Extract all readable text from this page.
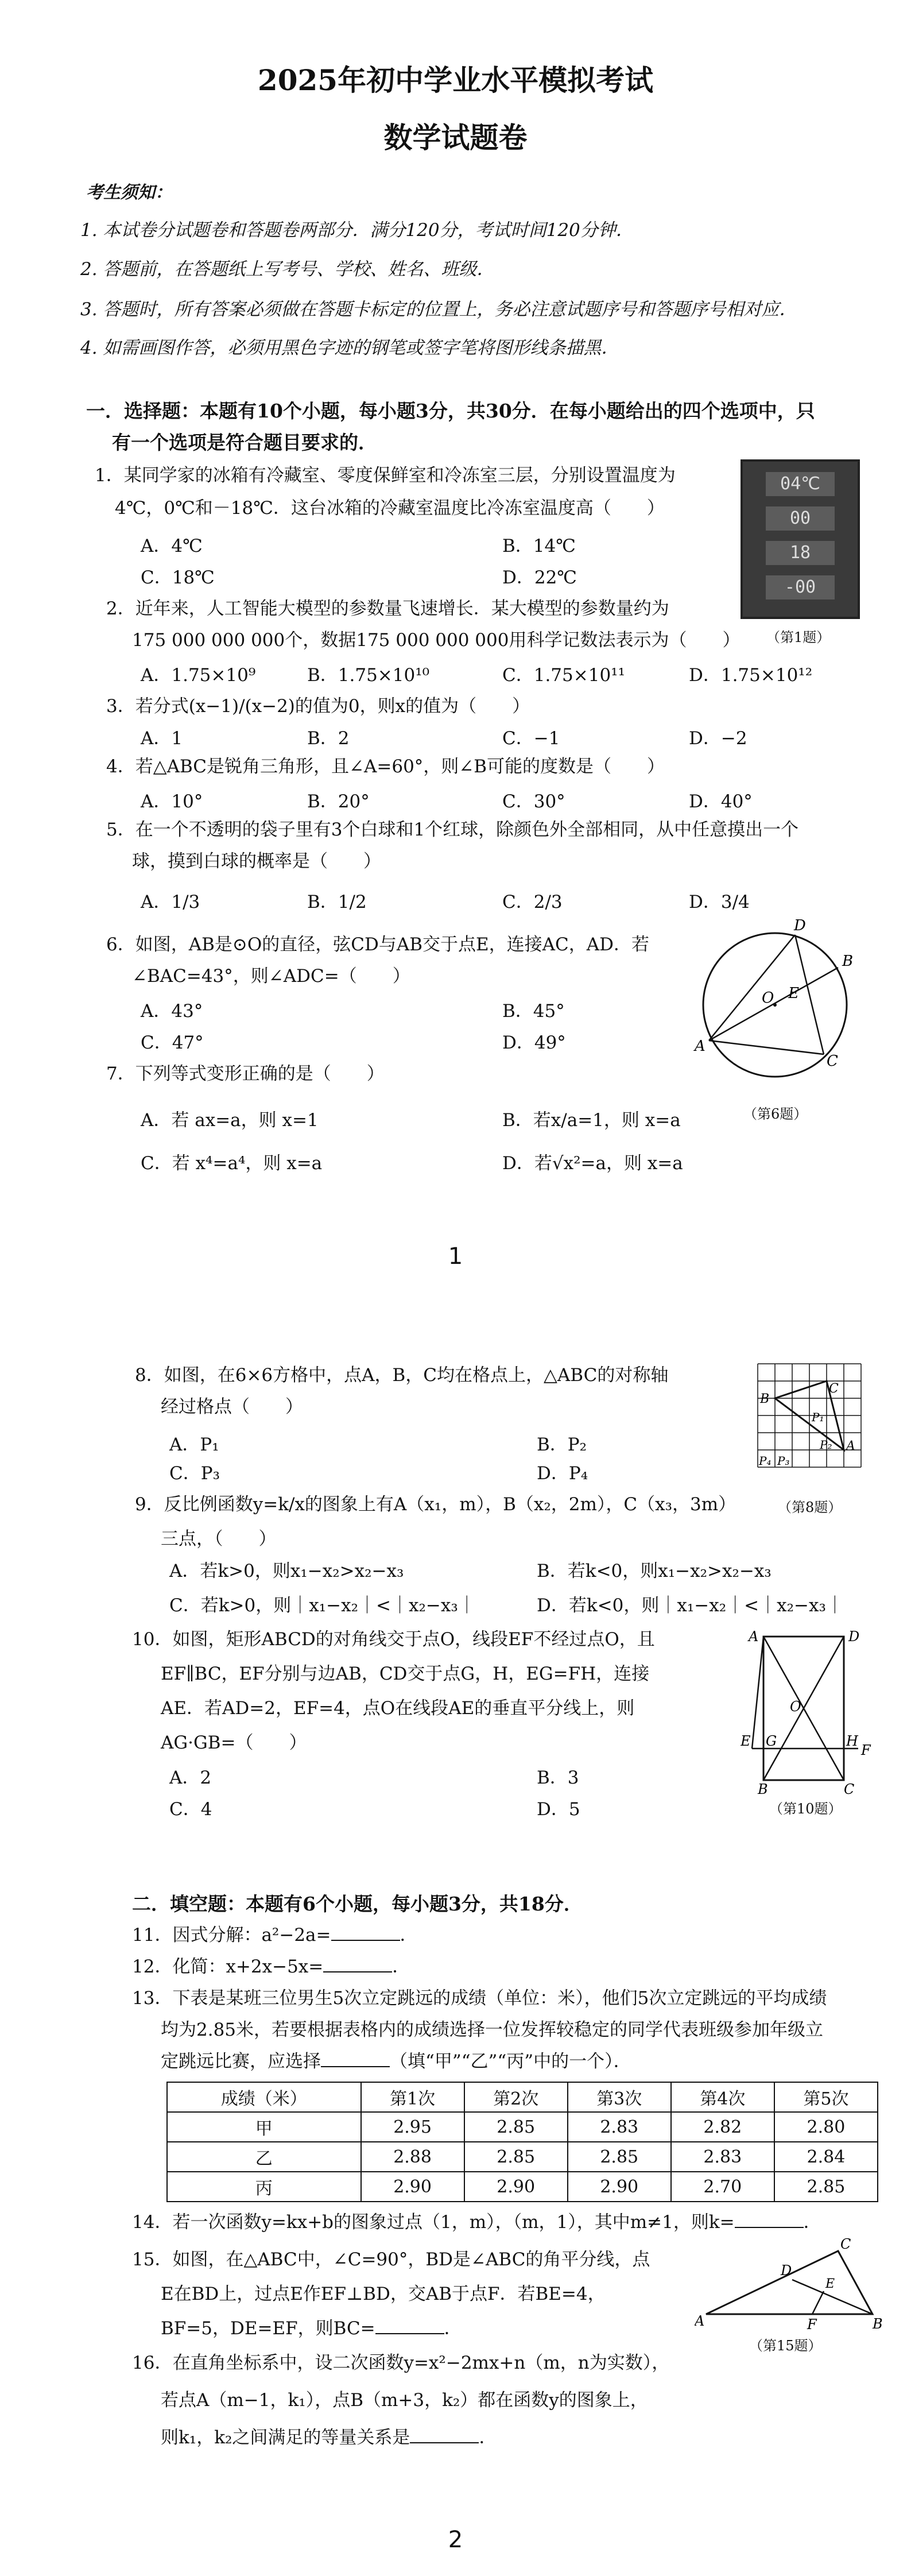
2025年初中学业水平模拟考试
数学试题卷
考生须知：
1. 本试卷分试题卷和答题卷两部分．满分120分，考试时间120分钟．
2. 答题前，在答题纸上写考号、学校、姓名、班级．
3. 答题时，所有答案必须做在答题卡标定的位置上，务必注意试题序号和答题序号相对应．
4. 如需画图作答，必须用黑色字迹的钢笔或签字笔将图形线条描黑．
一．选择题：本题有10个小题，每小题3分，共30分．在每小题给出的四个选项中，只
有一个选项是符合题目要求的．
1．某同学家的冰箱有冷藏室、零度保鲜室和冷冻室三层，分别设置温度为
4℃，0℃和－18℃．这台冰箱的冷藏室温度比冷冻室温度高（　　）
A．4℃	B．14℃
C．18℃	D．22℃
04℃
00
18
-00
（第1题）
2．近年来，人工智能大模型的参数量飞速增长．某大模型的参数量约为
175 000 000 000个，数据175 000 000 000用科学记数法表示为（　　）
A．1.75×10⁹	B．1.75×10¹⁰	C．1.75×10¹¹	D．1.75×10¹²
3．若分式(x−1)/(x−2)的值为0，则x的值为（　　）
A．1	B．2	C．−1	D．−2
4．若△ABC是锐角三角形，且∠A=60°，则∠B可能的度数是（　　）
A．10°	B．20°	C．30°	D．40°
5．在一个不透明的袋子里有3个白球和1个红球，除颜色外全部相同，从中任意摸出一个
球，摸到白球的概率是（　　）
A．1/3	B．1/2	C．2/3	D．3/4
6．如图，AB是⊙O的直径，弦CD与AB交于点E，连接AC，AD．若
∠BAC=43°，则∠ADC=（　　）
A．43°	B．45°
C．47°	D．49°
D
B
E
O
A
C
（第6题）
7．下列等式变形正确的是（　　）
A．若 ax=a，则 x=1	B．若x/a=1，则 x=a
C．若 x⁴=a⁴，则 x=a	D．若√x²=a，则 x=a
1
8．如图，在6×6方格中，点A，B，C均在格点上，△ABC的对称轴
经过格点（　　）
A．P₁	B．P₂
C．P₃	D．P₄
B
C
P₁
P₂ A
P₄ P₃
（第8题）
9．反比例函数y=k/x的图象上有A（x₁，m），B（x₂，2m），C（x₃，3m）
三点，（　　）
A．若k>0，则x₁−x₂>x₂−x₃	B．若k<0，则x₁−x₂>x₂−x₃
C．若k>0，则｜x₁−x₂｜<｜x₂−x₃｜	D．若k<0，则｜x₁−x₂｜<｜x₂−x₃｜
10．如图，矩形ABCD的对角线交于点O，线段EF不经过点O，且
EF∥BC，EF分别与边AB，CD交于点G，H，EG=FH，连接
AE．若AD=2，EF=4，点O在线段AE的垂直平分线上，则
AG·GB=（　　）
A．2	B．3
C．4	D．5
A	D
O
E G	H
F
B	C
（第10题）
二．填空题：本题有6个小题，每小题3分，共18分．
11．因式分解：a²−2a=	．
12．化简：x+2x−5x=	．
13．下表是某班三位男生5次立定跳远的成绩（单位：米），他们5次立定跳远的平均成绩
均为2.85米，若要根据表格内的成绩选择一位发挥较稳定的同学代表班级参加年级立
定跳远比赛，应选择	（填“甲”“乙”“丙”中的一个）．
成绩（米）	第1次	第2次	第3次	第4次	第5次
甲	2.95	2.85	2.83	2.82	2.80
乙	2.88	2.85	2.85	2.83	2.84
丙	2.90	2.90	2.90	2.70	2.85
14．若一次函数y=kx+b的图象过点（1，m），（m，1），其中m≠1，则k=	．
15．如图，在△ABC中，∠C=90°，BD是∠ABC的角平分线，点
E在BD上，过点E作EF⊥BD，交AB于点F．若BE=4，
BF=5，DE=EF，则BC=	．
C
D
E
A	F	B
（第15题）
16．在直角坐标系中，设二次函数y=x²−2mx+n（m，n为实数），
若点A（m−1，k₁），点B（m+3，k₂）都在函数y的图象上，
则k₁，k₂之间满足的等量关系是	．
2
